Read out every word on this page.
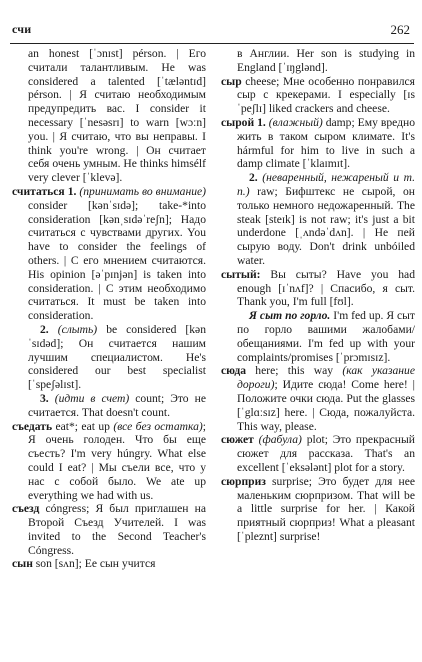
счи	262

an honest [ˈɔnɪst] pérson. | Его считали талантливым. He was considered a talented [ˈtæləntɪd] pérson. | Я считаю необходимым предупредить вас. I consider it necessary [ˈnesəsrɪ] to warn [wɔːn] you. | Я считаю, что вы неправы. I think you're wrong. | Он считает себя очень умным. He thinks himsélf very clever [ˈklevə].

считаться 1. (принимать во внимание) consider [kənˈsɪdə]; take-*into consideration [kənˌsɪdəˈreʃn]; Надо считаться с чувствами других. You have to consider the feelings of others. | С его мнением считаются. His opinion [əˈpɪnjən] is taken into consideration. | С этим необходимо считаться. It must be taken into consideration.

2. (слыть) be considered [kənˈsɪdəd]; Он считается нашим лучшим специалистом. He's considered our best specialist [ˈspeʃəlɪst].

3. (идти в счет) count; Это не считается. That doesn't count.

съедать eat*; eat up (все без остатка); Я очень голоден. Что бы еще съесть? I'm very húngry. What else could I eat? | Мы съели все, что у нас с собой было. We ate up everything we had with us.

съезд cóngress; Я был приглашен на Второй Съезд Учителей. I was invited to the Second Teacher's Cóngress.

сын son [sʌn]; Ее сын учится

в Англии. Her son is studying in England [ˈɪŋglənd].

сыр cheese; Мне особенно понравился сыр с крекерами. I especially [ɪsˈpeʃlɪ] liked crackers and cheese.

сырой 1. (влажный) damp; Ему вредно жить в таком сыром климате. It's hármful for him to live in such a damp climate [ˈklaɪmɪt].

2. (неваренный, нежареный и т. п.) raw; Бифштекс не сырой, он только немного недожаренный. The steak [steɪk] is not raw; it's just a bit underdone [ˌʌndəˈdʌn]. | Не пей сырую воду. Don't drink unbóiled water.

сытый: Вы сыты? Have you had enough [ɪˈnʌf]? | Спасибо, я сыт. Thank you, I'm full [fʊl].

Я сыт по горло. I'm fed up. Я сыт по горло вашими жалобами/обещаниями. I'm fed up with your complaints/promises [ˈprɔmɪsɪz].

сюда here; this way (как указание дороги); Идите сюда! Come here! | Положите очки сюда. Put the glasses [ˈglɑːsɪz] here. | Сюда, пожалуйста. This way, please.

сюжет (фабула) plot; Это прекрасный сюжет для рассказа. That's an excellent [ˈeksələnt] plot for a story.

сюрприз surprise; Это будет для нее маленьким сюрпризом. That will be a little surprise for her. | Какой приятный сюрприз! What a pleasant [ˈpleznt] surprise!
